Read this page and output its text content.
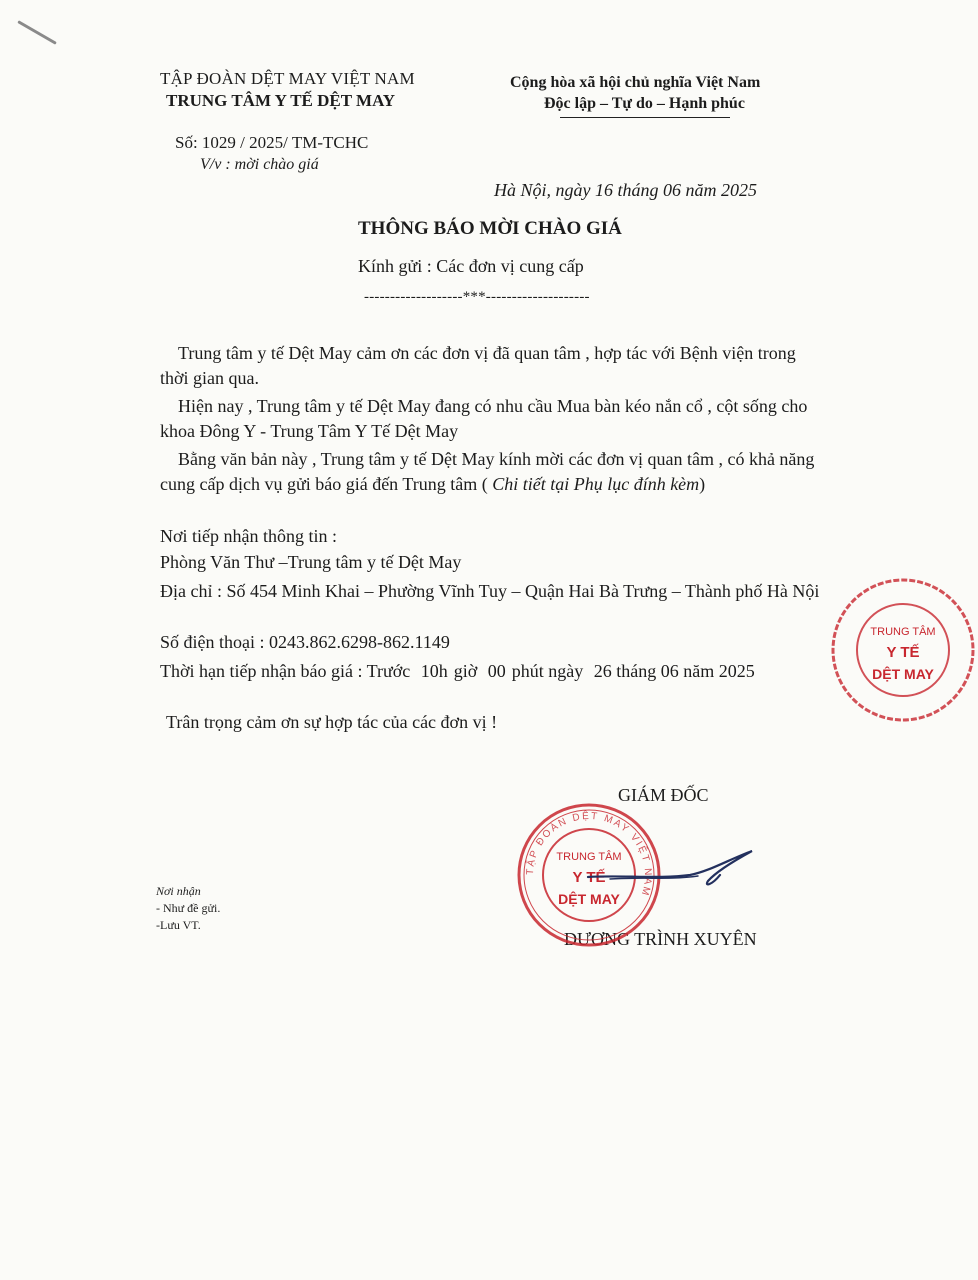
TẬP ĐOÀN DỆT MAY VIỆT NAM
TRUNG TÂM Y TẾ DỆT MAY
Cộng hòa xã hội chủ nghĩa Việt Nam
Độc lập – Tự do – Hạnh phúc
Số: 1029 / 2025/ TM-TCHC
V/v : mời chào giá
Hà Nội, ngày 16 tháng 06 năm 2025
THÔNG BÁO MỜI CHÀO GIÁ
Kính gửi : Các đơn vị cung cấp
-------------------***--------------------
Trung tâm y tế Dệt May cảm ơn các đơn vị đã quan tâm , hợp tác với Bệnh viện trong thời gian qua.
Hiện nay , Trung tâm y tế Dệt May đang có nhu cầu Mua bàn kéo nắn cổ , cột sống cho khoa Đông Y - Trung Tâm Y Tế Dệt May
Bằng văn bản này , Trung tâm y tế Dệt May kính mời các đơn vị quan tâm , có khả năng cung cấp dịch vụ gửi báo giá đến Trung tâm ( Chi tiết tại Phụ lục đính kèm)
Nơi tiếp nhận thông tin :
Phòng Văn Thư –Trung tâm y tế Dệt May
Địa chỉ : Số 454 Minh Khai – Phường Vĩnh Tuy – Quận Hai Bà Trưng – Thành phố Hà Nội
Số điện thoại : 0243.862.6298-862.1149
Thời hạn tiếp nhận báo giá : Trước 10h giờ 00 phút ngày 26 tháng 06 năm 2025
Trân trọng cảm ơn sự hợp tác của các đơn vị !
GIÁM ĐỐC
DƯƠNG TRÌNH XUYÊN
Nơi nhận
- Như đề gửi.
-Lưu VT.
TẬP ĐOÀN DỆT MAY VIỆT NAM
TRUNG TÂM
Y TẾ
DỆT MAY
TRUNG TÂM
Y TẾ
DỆT MAY
